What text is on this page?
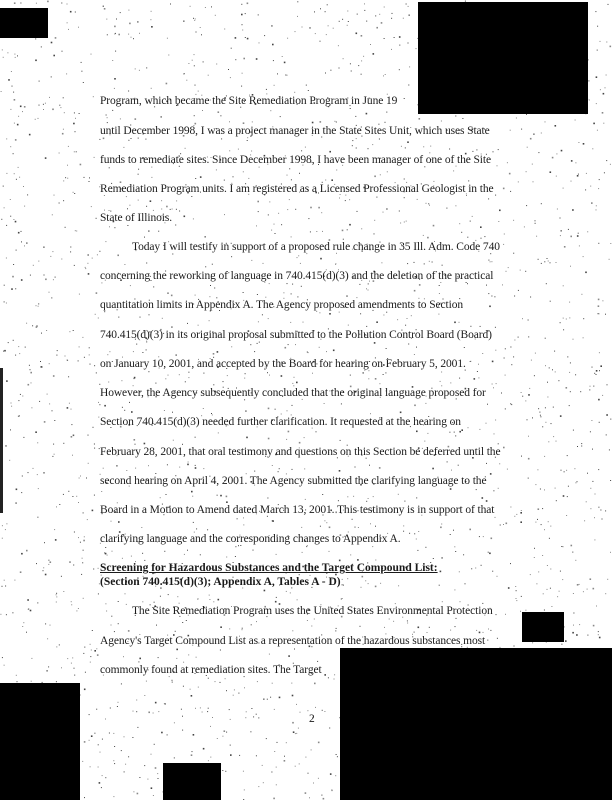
Program, which became the Site Remediation Program in June 19
until December 1998, I was a project manager in the State Sites Unit, which uses State
funds to remediate sites. Since December 1998, I have been manager of one of the Site
Remediation Program units. I am registered as a Licensed Professional Geologist in the
State of Illinois.
Today I will testify in support of a proposed rule change in 35 Ill. Adm. Code 740
concerning the reworking of language in 740.415(d)(3) and the deletion of the practical
quantitation limits in Appendix A. The Agency proposed amendments to Section
740.415(d)(3) in its original proposal submitted to the Pollution Control Board (Board)
on January 10, 2001, and accepted by the Board for hearing on February 5, 2001.
However, the Agency subsequently concluded that the original language proposed for
Section 740.415(d)(3) needed further clarification. It requested at the hearing on
February 28, 2001, that oral testimony and questions on this Section be deferred until the
second hearing on April 4, 2001. The Agency submitted the clarifying language to the
Board in a Motion to Amend dated March 13, 2001. This testimony is in support of that
clarifying language and the corresponding changes to Appendix A.
Screening for Hazardous Substances and the Target Compound List:
(Section 740.415(d)(3); Appendix A, Tables A - D)
The Site Remediation Program uses the United States Environmental Protection
Agency's Target Compound List as a representation of the hazardous substances most
commonly found at remediation sites. The Target
2
